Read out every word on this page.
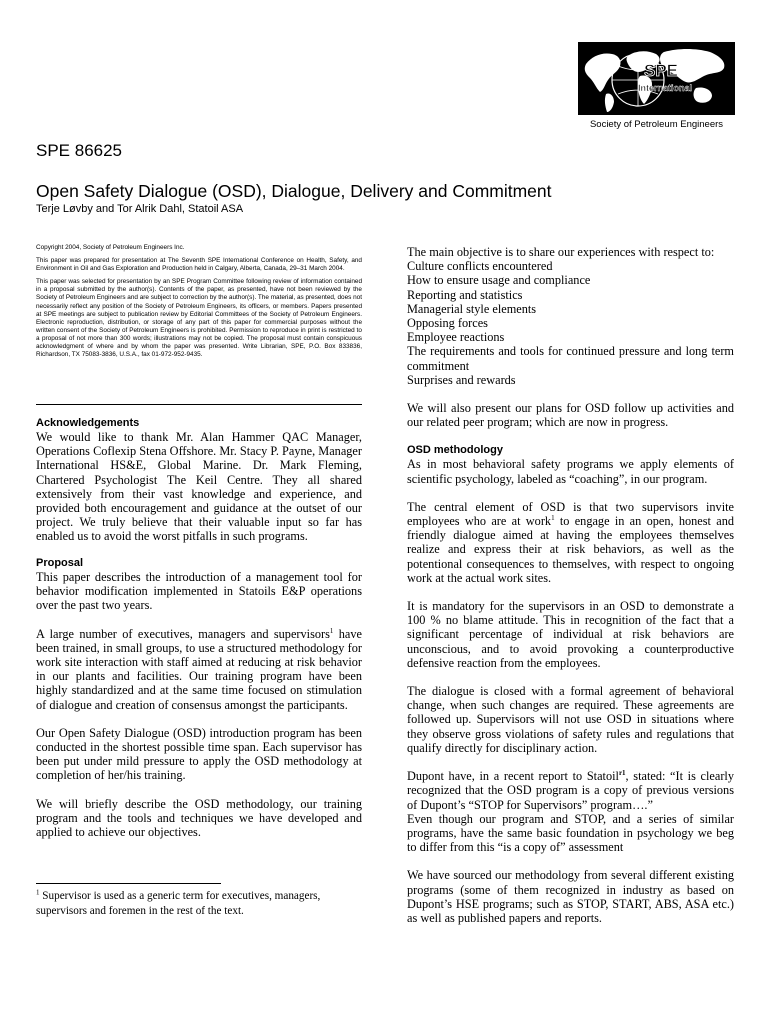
SPE
International
Society of Petroleum Engineers
SPE 86625
Open Safety Dialogue (OSD), Dialogue, Delivery and Commitment
Terje Løvby and Tor Alrik Dahl, Statoil ASA

Copyright 2004, Society of Petroleum Engineers Inc.

This paper was prepared for presentation at The Seventh SPE International Conference on Health, Safety, and Environment in Oil and Gas Exploration and Production held in Calgary, Alberta, Canada, 29–31 March 2004.

This paper was selected for presentation by an SPE Program Committee following review of information contained in a proposal submitted by the author(s). Contents of the paper, as presented, have not been reviewed by the Society of Petroleum Engineers and are subject to correction by the author(s). The material, as presented, does not necessarily reflect any position of the Society of Petroleum Engineers, its officers, or members. Papers presented at SPE meetings are subject to publication review by Editorial Committees of the Society of Petroleum Engineers. Electronic reproduction, distribution, or storage of any part of this paper for commercial purposes without the written consent of the Society of Petroleum Engineers is prohibited. Permission to reproduce in print is restricted to a proposal of not more than 300 words; illustrations may not be copied. The proposal must contain conspicuous acknowledgment of where and by whom the paper was presented. Write Librarian, SPE, P.O. Box 833836, Richardson, TX 75083-3836, U.S.A., fax 01-972-952-9435.

Acknowledgements

We would like to thank Mr. Alan Hammer QAC Manager, Operations Coflexip Stena Offshore. Mr. Stacy P. Payne, Manager International HS&E, Global Marine. Dr. Mark Fleming, Chartered Psychologist The Keil Centre. They all shared extensively from their vast knowledge and experience, and provided both encouragement and guidance at the outset of our project. We truly believe that their valuable input so far has enabled us to avoid the worst pitfalls in such programs.

Proposal

This paper describes the introduction of a management tool for behavior modification implemented in Statoils E&P operations over the past two years.

A large number of executives, managers and supervisors$^1$ have been trained, in small groups, to use a structured methodology for work site interaction with staff aimed at reducing at risk behavior in our plants and facilities. Our training program have been highly standardized and at the same time focused on stimulation of dialogue and creation of consensus amongst the participants.

Our Open Safety Dialogue (OSD) introduction program has been conducted in the shortest possible time span. Each supervisor has been put under mild pressure to apply the OSD methodology at completion of her/his training.

We will briefly describe the OSD methodology, our training program and the tools and techniques we have developed and applied to achieve our objectives.

$^1$ Supervisor is used as a generic term for executives, managers, supervisors and foremen in the rest of the text.

The main objective is to share our experiences with respect to:

Culture conflicts encountered

How to ensure usage and compliance

Reporting and statistics

Managerial style elements

Opposing forces

Employee reactions

The requirements and tools for continued pressure and long term commitment

Surprises and rewards

We will also present our plans for OSD follow up activities and our related peer program; which are now in progress.

OSD methodology

As in most behavioral safety programs we apply elements of scientific psychology, labeled as “coaching”, in our program.

The central element of OSD is that two supervisors invite employees who are at work$^1$ to engage in an open, honest and friendly dialogue aimed at having the employees themselves realize and express their at risk behaviors, as well as the potentional consequences to themselves, with respect to ongoing work at the actual work sites.

It is mandatory for the supervisors in an OSD to demonstrate a 100 % no blame attitude. This in recognition of the fact that a significant percentage of individual at risk behaviors are unconscious, and to avoid provoking a counterproductive defensive reaction from the employees.

The dialogue is closed with a formal agreement of behavioral change, when such changes are required. These agreements are followed up. Supervisors will not use OSD in situations where they observe gross violations of safety rules and regulations that qualify directly for disciplinary action.

Dupont have, in a recent report to Statoil$^{r1}$, stated: “It is clearly recognized that the OSD program is a copy of previous versions of Dupont’s “STOP for Supervisors” program….”

Even though our program and STOP, and a series of similar programs, have the same basic foundation in psychology we beg to differ from this “is a copy of” assessment

We have sourced our methodology from several different existing programs (some of them recognized in industry as based on Dupont’s HSE programs; such as STOP, START, ABS, ASA etc.) as well as published papers and reports.
